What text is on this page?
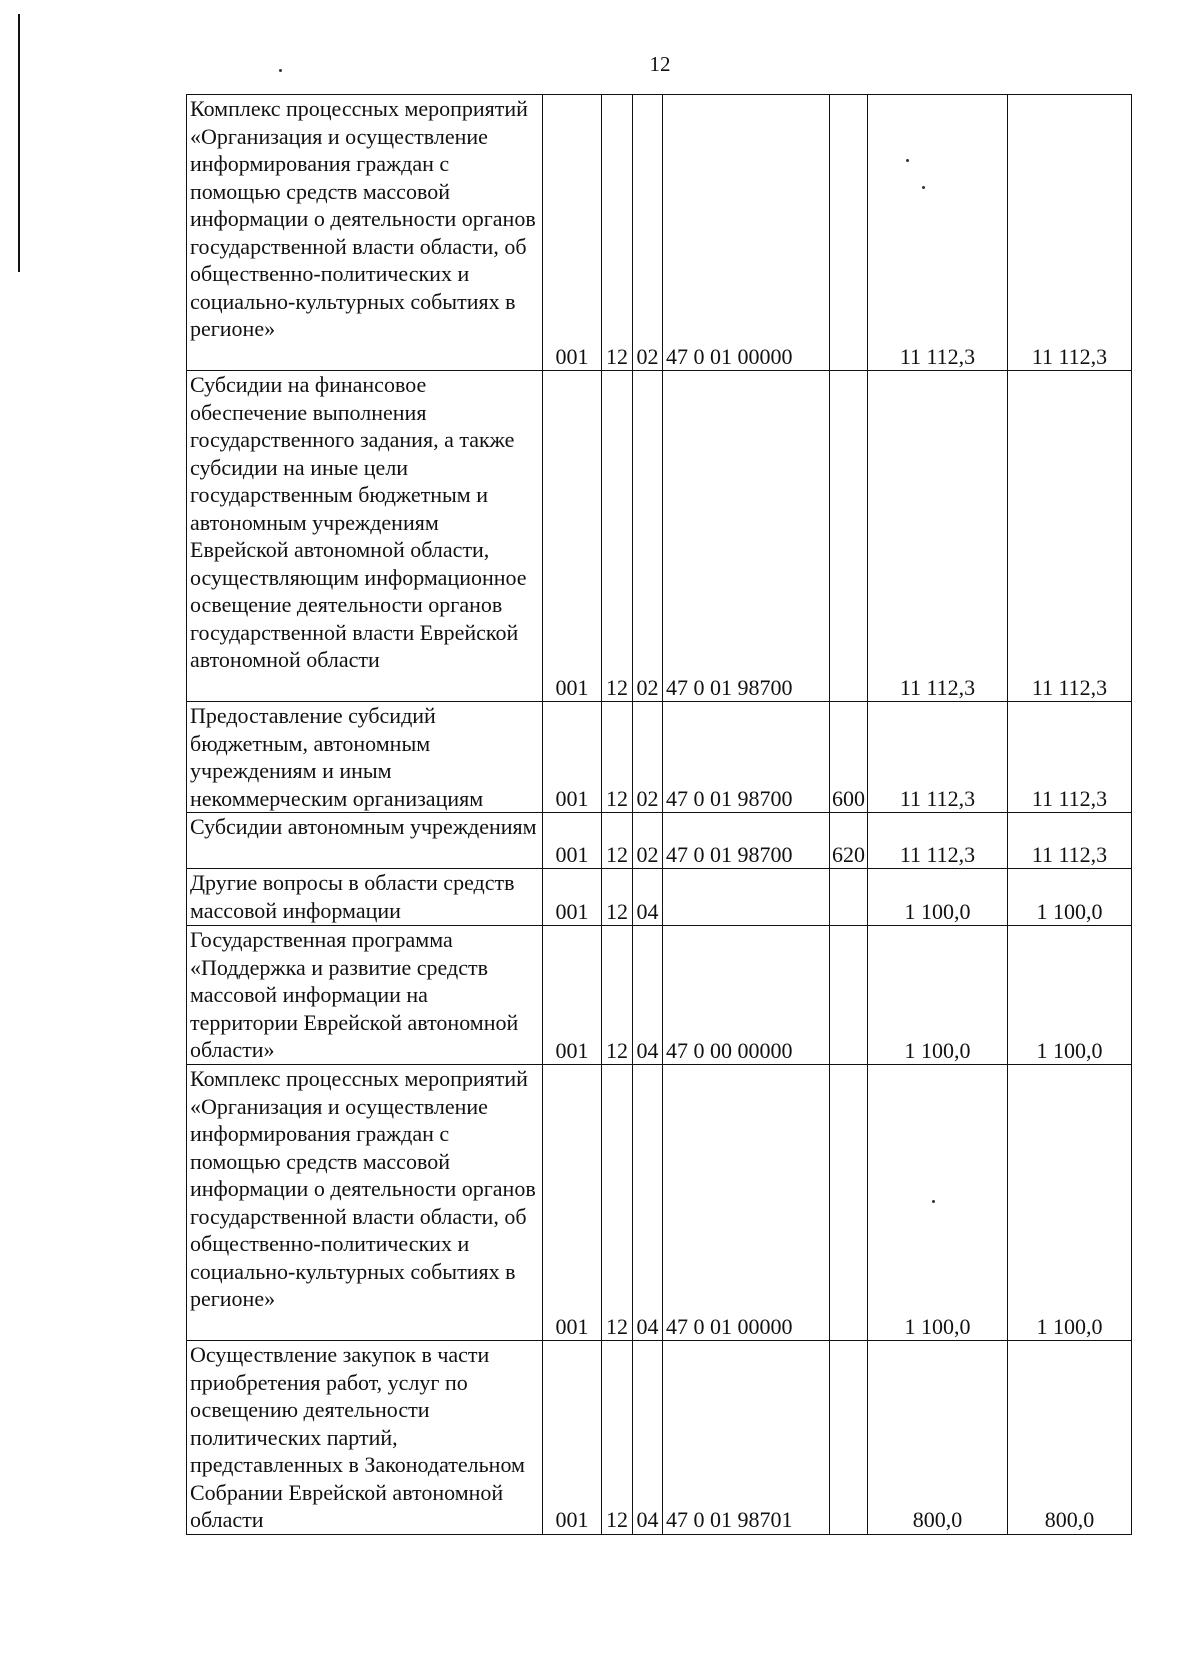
12
Комплекс процессных мероприятий «Организация и осуществление информирования граждан с помощью средств массовой информации о деятельности органов государственной власти области, об общественно-политических и социально-культурных событиях в регионе»	001	12	02	47 0 01 00000		11 112,3	11 112,3
Субсидии на финансовое обеспечение выполнения государственного задания, а также субсидии на иные цели государственным бюджетным и автономным учреждениям Еврейской автономной области, осуществляющим информационное освещение деятельности органов государственной власти Еврейской автономной области	001	12	02	47 0 01 98700		11 112,3	11 112,3
Предоставление субсидий бюджетным, автономным учреждениям и иным некоммерческим организациям	001	12	02	47 0 01 98700	600	11 112,3	11 112,3
Субсидии автономным учреждениям	001	12	02	47 0 01 98700	620	11 112,3	11 112,3
Другие вопросы в области средств массовой информации	001	12	04			1 100,0	1 100,0
Государственная программа «Поддержка и развитие средств массовой информации на территории Еврейской автономной области»	001	12	04	47 0 00 00000		1 100,0	1 100,0
Комплекс процессных мероприятий «Организация и осуществление информирования граждан с помощью средств массовой информации о деятельности органов государственной власти области, об общественно-политических и социально-культурных событиях в регионе»	001	12	04	47 0 01 00000		1 100,0	1 100,0
Осуществление закупок в части приобретения работ, услуг по освещению деятельности политических партий, представленных в Законодательном Собрании Еврейской автономной области	001	12	04	47 0 01 98701		800,0	800,0
